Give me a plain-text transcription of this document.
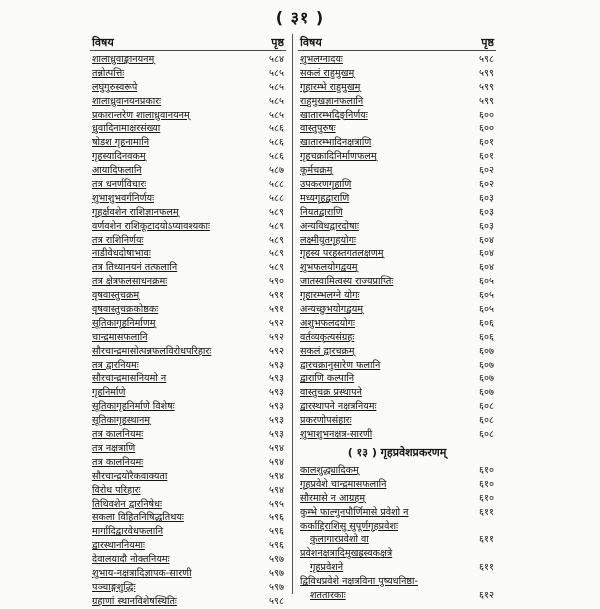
( ३१ )
विषय	पृष्ठ
शालाध्रुवाङ्कानयनम्	५८४
तन्नोत्पत्तिः	५८५
लघुगुरुस्वरूपे	५८५
शालाध्रुवानयनप्रकारः	५८५
प्रकारान्तरेण शालाध्रुवानयनम्	५८५
ध्रुवादिनामाक्षरसंख्या	५८६
षोडश गृहनामानि	५८६
गृहस्यादिनवकम्	५८६
आयादिफलानि	५८७
तत्र धनर्णविचारः	५८८
शुभाशुभवर्गनिर्णयः	५८८
गृहर्क्षवशेन राशिज्ञानफलम्	५८९
वर्णवशेन राशिकूटादयोऽप्यावश्यकाः	५८९
तत्र राशिनिर्णयः	५८९
नाडीवेधदोषाभावः	५८९
तत्र तिथ्यानयनं तत्फलानि	५८९
तत्र क्षेत्रफलसाधनक्रमः	५९०
वृषवास्तुचक्रम्	५९१
वृषवास्तुचक्रकोष्ठकः	५९१
सूतिकागृहनिर्माणम्	५९२
चान्द्रमासफलानि	५९२
सौरचान्द्रमासोत्पन्नफलविरोधपरिहारः	५९२
तत्र द्वारनियमः	५९३
सौरचान्द्रमासनियमो न	५९३
गृहनिर्माणे	५९३
सूतिकागृहनिर्माणे विशेषः	५९३
सूतिकागृहस्थानम्	५९३
तत्र कालनियमः	५९३
तत्र नक्षत्राणि	५९४
तत्र कालनियमः	५९४
सौरचान्द्रयोरैकवाक्यता	५९४
विरोध परिहारः	५९४
तिथिवशेन द्वारनिषेधः	५९५
सकला विहितनिषिद्धतिथयः	५९६
मार्गादिद्वारवेधफलानि	५९६
द्वारस्थाननियमाः	५९६
देवालयादौ नोक्तनियमः	५९७
शुभाय-नक्षत्रादिज्ञापक-सारणी	५९७
पञ्चाङ्गशुद्धिः	५९७
ग्रहाणां स्थानविशेषस्थितिः	५९८
विषय	पृष्ठ
शुभलग्नादयः	५९८
सकलं राहुमुखम्	५९९
गृहारम्भे राहुमुखम्	५९९
राहुमुखज्ञानफलानि	५९९
खातारम्भदिङ्निर्णयः	६००
वास्तुपुरुषः	६००
खातारम्भादिनक्षत्राणि	६०१
गृहचक्रादिनिर्माणफलम्	६०१
कूर्मचक्रम्	६०२
उपकरणगृहाणि	६०२
मध्यगृहद्वाराणि	६०३
नियतद्वाराणि	६०३
अन्यविधद्वारदोषाः	६०३
लक्ष्मीयुतगृहयोगः	६०४
गृहस्य परहस्तगतलक्षणम्	६०४
शुभफलयोगद्वयम्	६०४
जातस्वामित्वस्य राज्यप्राप्तिः	६०५
गृहारम्भलग्ने योगः	६०५
अन्यच्छुभयोगद्वयम्	६०५
अशुभफलदयोगः	६०६
वर्तव्यकृत्यसंग्रहः	६०६
सकलं द्वारचक्रम्	६०७
द्वारचक्रानुसारेण फलानि	६०७
द्वाराणि कल्पानि	६०७
वास्तुचक्र प्रस्थापने	६०७
द्वारस्थापने नक्षत्रनियमः	६०८
प्रकरणोपसंहारः	६०८
शुभाशुभनक्षत्र-सारणी	६०८
( १३ ) गृहप्रवेशप्रकरणम्
कालशुद्ध्यादिकम्	६१०
गृहप्रवेशे चान्द्रमासफलानि	६१०
सौरमासे न आग्रहम्	६१०
कुम्भे फाल्गुनपौर्णिमासे प्रवेशो न	६११
कर्काद्दिराशिसु सुपूर्णगृहप्रवेशः
कुलागारप्रवेशो वा	६११
प्रवेशनक्षत्रादिमुखह्रस्वकक्षत्रे
गृहप्रवेशने	६११
द्विविधप्रवेशे नक्षत्रविना पुष्यधनिष्ठा-
शततारकाः	६१२
